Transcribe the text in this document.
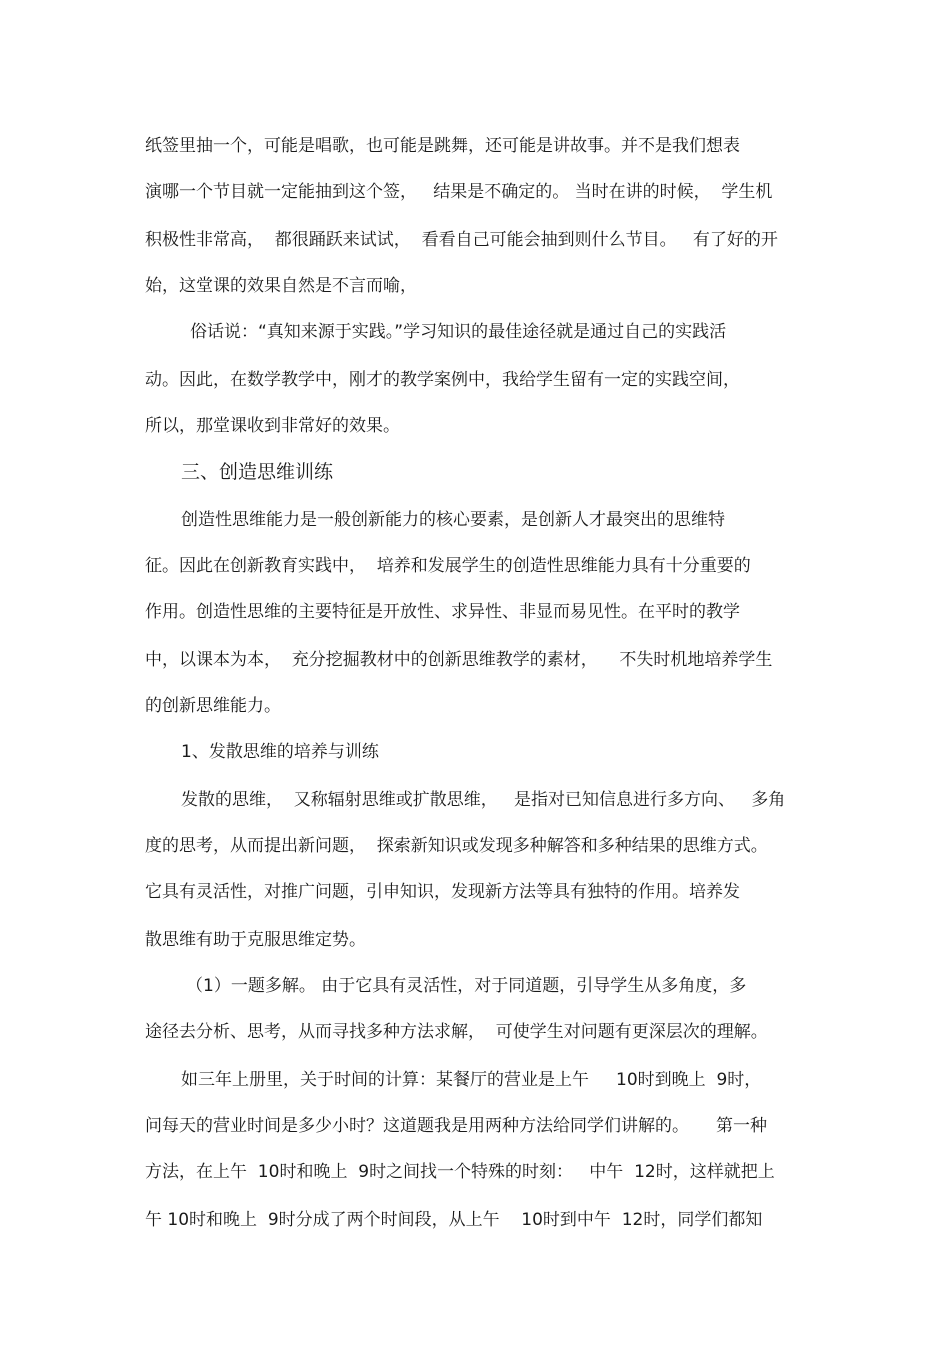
纸签里抽一个，可能是唱歌，也可能是跳舞，还可能是讲故事。并不是我们想表
演哪一个节目就一定能抽到这个签，   结果是不确定的。 当时在讲的时候，  学生机
积极性非常高，  都很踊跃来试试，  看看自己可能会抽到则什么节目。   有了好的开
始，这堂课的效果自然是不言而喻，
俗话说：“真知来源于实践。”学习知识的最佳途径就是通过自己的实践活
动。因此，在数学教学中，刚才的教学案例中，我给学生留有一定的实践空间，
所以，那堂课收到非常好的效果。
三、创造思维训练
创造性思维能力是一般创新能力的核心要素，是创新人才最突出的思维特
征。因此在创新教育实践中，  培养和发展学生的创造性思维能力具有十分重要的
作用。创造性思维的主要特征是开放性、求异性、非显而易见性。在平时的教学
中，以课本为本，  充分挖掘教材中的创新思维教学的素材，    不失时机地培养学生
的创新思维能力。
1、发散思维的培养与训练
发散的思维，  又称辐射思维或扩散思维，   是指对已知信息进行多方向、   多角
度的思考，从而提出新问题，  探索新知识或发现多种解答和多种结果的思维方式。
它具有灵活性，对推广问题，引申知识，发现新方法等具有独特的作用。培养发
散思维有助于克服思维定势。
（1）一题多解。 由于它具有灵活性，对于同道题，引导学生从多角度，多
途径去分析、思考，从而寻找多种方法求解，  可使学生对问题有更深层次的理解。
如三年上册里，关于时间的计算：某餐厅的营业是上午     10时到晚上  9时，
问每天的营业时间是多少小时？这道题我是用两种方法给同学们讲解的。     第一种
方法，在上午  10时和晚上  9时之间找一个特殊的时刻：   中午  12时，这样就把上
午 10时和晚上  9时分成了两个时间段，从上午    10时到中午  12时，同学们都知
